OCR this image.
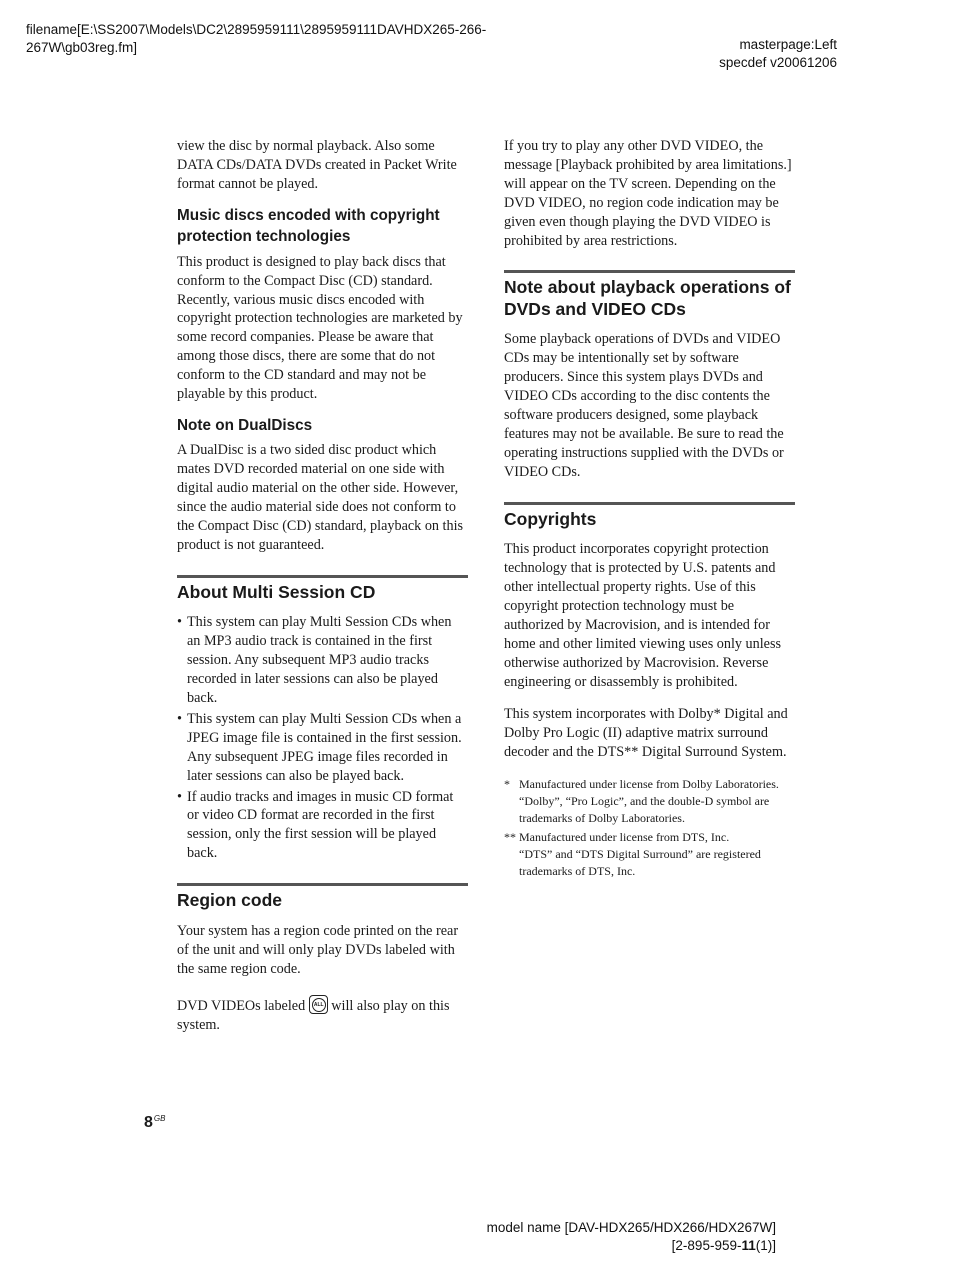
filename[E:\SS2007\Models\DC2\2895959111\2895959111DAVHDX265-266-
267W\gb03reg.fm]	masterpage:Left
specdef v20061206

view the disc by normal playback. Also some DATA CDs/DATA DVDs created in Packet Write format cannot be played.

Music discs encoded with copyright protection technologies

This product is designed to play back discs that conform to the Compact Disc (CD) standard. Recently, various music discs encoded with copyright protection technologies are marketed by some record companies. Please be aware that among those discs, there are some that do not conform to the CD standard and may not be playable by this product.

Note on DualDiscs

A DualDisc is a two sided disc product which mates DVD recorded material on one side with digital audio material on the other side. However, since the audio material side does not conform to the Compact Disc (CD) standard, playback on this product is not guaranteed.

About Multi Session CD
• This system can play Multi Session CDs when an MP3 audio track is contained in the first session. Any subsequent MP3 audio tracks recorded in later sessions can also be played back.
• This system can play Multi Session CDs when a JPEG image file is contained in the first session. Any subsequent JPEG image files recorded in later sessions can also be played back.
• If audio tracks and images in music CD format or video CD format are recorded in the first session, only the first session will be played back.
Region code

Your system has a region code printed on the rear of the unit and will only play DVDs labeled with the same region code.

DVD VIDEOs labeled	ALL will also play on this system.

If you try to play any other DVD VIDEO, the message [Playback prohibited by area limitations.] will appear on the TV screen. Depending on the DVD VIDEO, no region code indication may be given even though playing the DVD VIDEO is prohibited by area restrictions.

Note about playback operations of DVDs and VIDEO CDs

Some playback operations of DVDs and VIDEO CDs may be intentionally set by software producers. Since this system plays DVDs and VIDEO CDs according to the disc contents the software producers designed, some playback features may not be available. Be sure to read the operating instructions supplied with the DVDs or VIDEO CDs.

Copyrights

This product incorporates copyright protection technology that is protected by U.S. patents and other intellectual property rights. Use of this copyright protection technology must be authorized by Macrovision, and is intended for home and other limited viewing uses only unless otherwise authorized by Macrovision. Reverse engineering or disassembly is prohibited.

This system incorporates with Dolby* Digital and Dolby Pro Logic (II) adaptive matrix surround decoder and the DTS** Digital Surround System.

* Manufactured under license from Dolby Laboratories.
“Dolby”, “Pro Logic”, and the double-D symbol are trademarks of Dolby Laboratories.
** Manufactured under license from DTS, Inc.
“DTS” and “DTS Digital Surround” are registered trademarks of DTS, Inc.
$8^{GB}$
model name [DAV-HDX265/HDX266/HDX267W]
[2-895-959-11(1)]
